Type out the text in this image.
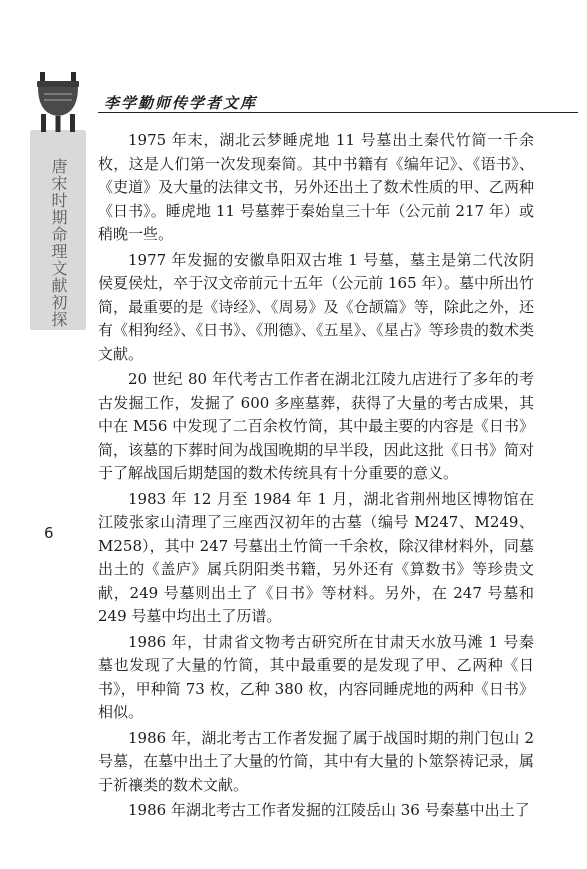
李学勤师传学者文库
唐宋时期命理文献初探
6

1975 年末，湖北云梦睡虎地 11 号墓出土秦代竹简一千余枚，这是人们第一次发现秦简。其中书籍有《编年记》、《语书》、《吏道》及大量的法律文书，另外还出土了数术性质的甲、乙两种《日书》。睡虎地 11 号墓葬于秦始皇三十年（公元前 217 年）或稍晚一些。

1977 年发掘的安徽阜阳双古堆 1 号墓，墓主是第二代汝阴侯夏侯灶，卒于汉文帝前元十五年（公元前 165 年）。墓中所出竹简，最重要的是《诗经》、《周易》及《仓颉篇》等，除此之外，还有《相狗经》、《日书》、《刑德》、《五星》、《星占》等珍贵的数术类文献。

20 世纪 80 年代考古工作者在湖北江陵九店进行了多年的考古发掘工作，发掘了 600 多座墓葬，获得了大量的考古成果，其中在 M56 中发现了二百余枚竹简，其中最主要的内容是《日书》简，该墓的下葬时间为战国晚期的早半段，因此这批《日书》简对于了解战国后期楚国的数术传统具有十分重要的意义。

1983 年 12 月至 1984 年 1 月，湖北省荆州地区博物馆在江陵张家山清理了三座西汉初年的古墓（编号 M247、M249、M258），其中 247 号墓出土竹简一千余枚，除汉律材料外，同墓出土的《盖庐》属兵阴阳类书籍，另外还有《算数书》等珍贵文献，249 号墓则出土了《日书》等材料。另外，在 247 号墓和 249 号墓中均出土了历谱。

1986 年，甘肃省文物考古研究所在甘肃天水放马滩 1 号秦墓也发现了大量的竹简，其中最重要的是发现了甲、乙两种《日书》，甲种简 73 枚，乙种 380 枚，内容同睡虎地的两种《日书》相似。

1986 年，湖北考古工作者发掘了属于战国时期的荆门包山 2 号墓，在墓中出土了大量的竹简，其中有大量的卜筮祭祷记录，属于祈禳类的数术文献。

1986 年湖北考古工作者发掘的江陵岳山 36 号秦墓中出土了
